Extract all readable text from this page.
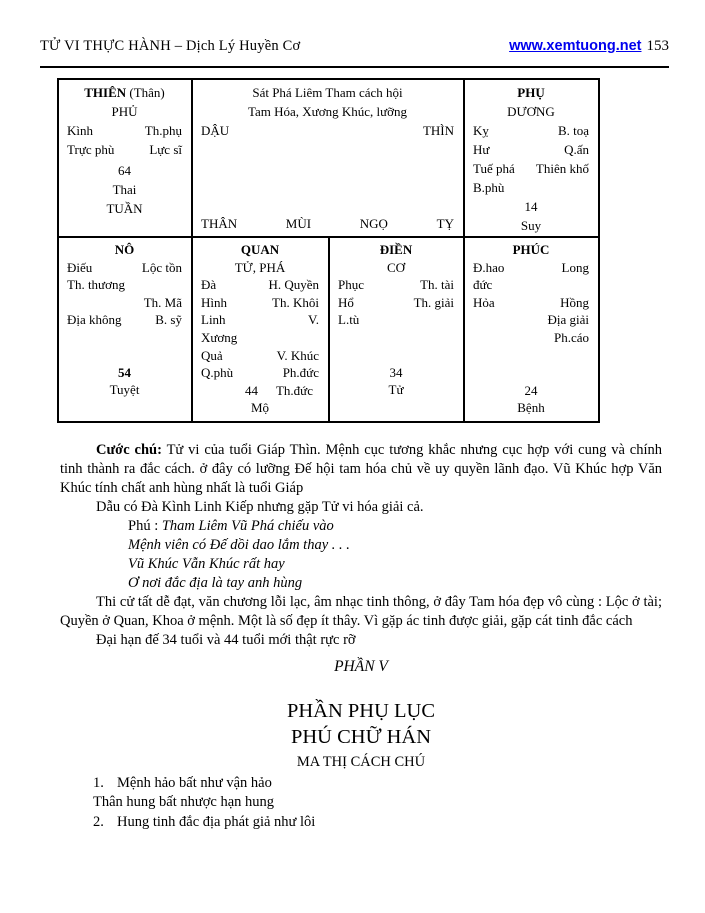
TỬ VI THỰC HÀNH – Dịch Lý Huyền Cơ	www.xemtuong.net 153
THIÊN (Thân)
PHỦ
Kình	Th.phụ
Trực phù	Lực sĩ
64
Thai
TUẦN
Sát Phá Liêm Tham cách hội
Tam Hóa, Xương Khúc, lưỡng
DẬU	THÌN
THÂN	MÙI	NGỌ	TỴ
PHỤ
DƯƠNG
Kỵ	B. toạ
Hư	Q.ấn
Tuế phá Thiên khố
B.phù
14
Suy
NÔ
Điếu	Lộc tồn
Th. thương
Th. Mã
Địa không	B. sỹ
54
Tuyệt
QUAN
TỬ, PHÁ
Đà	H. Quyền
Hình	Th. Khôi
Linh	V.
Xương
Quả	V. Khúc
Q.phù	Ph.đức
44 Th.đức
Mộ
ĐIỀN
CƠ
Phục	Th. tài
Hổ	Th. giải
L.tù
34
Tử
PHÚC
Đ.hao	Long
đức
Hỏa	Hồng
Địa giải
Ph.cáo
24
Bệnh

Cước chú: Tử vi của tuổi Giáp Thìn. Mệnh cục tương khắc nhưng cục hợp với cung và chính tinh thành ra đắc cách. ở đây có lưỡng Đế hội tam hóa chủ về uy quyền lãnh đạo. Vũ Khúc hợp Văn Khúc tính chất anh hùng nhất là tuổi Giáp

Dẫu có Đà Kình Linh Kiếp nhưng gặp Tử vi hóa giải cả.

Phú : Tham Liêm Vũ Phá chiếu vào

Mệnh viên có Đế dồi dao lắm thay . . .

Vũ Khúc Vẫn Khúc rất hay

Ơ nơi đắc địa là tay anh hùng

Thi cử tất dễ đạt, văn chương lỗi lạc, âm nhạc tinh thông, ở đây Tam hóa đẹp vô cùng : Lộc ở tài; Quyền ở Quan, Khoa ở mệnh. Một là số đẹp ít thây. Vì gặp ác tinh được giải, gặp cát tinh đắc cách

Đại hạn đế 34 tuổi và 44 tuổi mới thật rực rỡ

PHẦN V
PHẦN PHỤ LỤC
PHÚ CHỮ HÁN
MA THỊ CÁCH CHÚ
1. Mệnh hảo bất như vận hảo
Thân hung bất nhược hạn hung
2. Hung tinh đắc địa phát giả như lôi
